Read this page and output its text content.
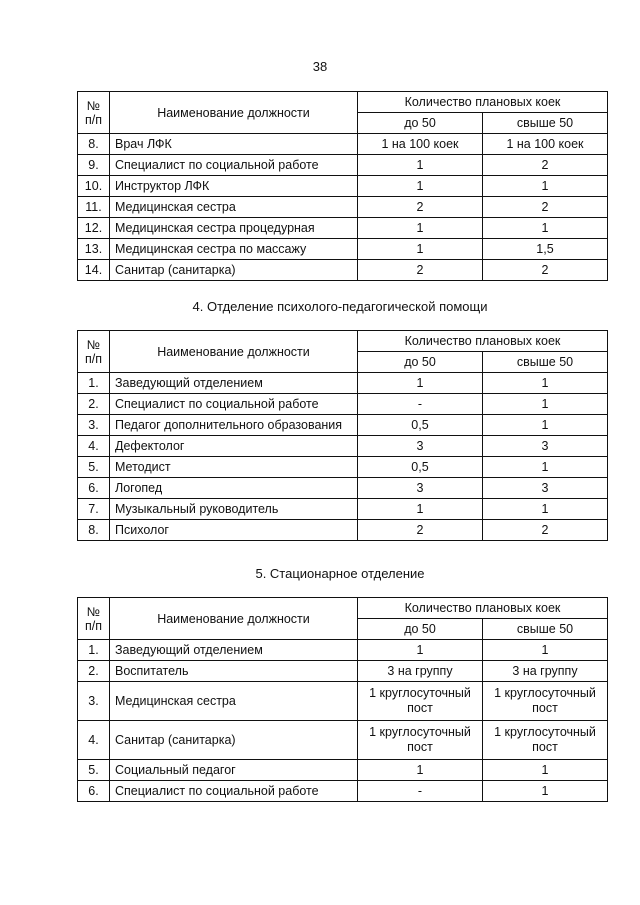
38
№ п/п	Наименование должности	Количество плановых коек	
		до 50	свыше 50
8.	Врач ЛФК	1 на 100 коек	1 на 100 коек
9.	Специалист по социальной работе	1	2
10.	Инструктор ЛФК	1	1
11.	Медицинская сестра	2	2
12.	Медицинская сестра процедурная	1	1
13.	Медицинская сестра по массажу	1	1,5
14.	Санитар (санитарка)	2	2
4. Отделение психолого-педагогической помощи
№ п/п	Наименование должности	Количество плановых коек	
		до 50	свыше 50
1.	Заведующий отделением	1	1
2.	Специалист по социальной работе	-	1
3.	Педагог дополнительного образования	0,5	1
4.	Дефектолог	3	3
5.	Методист	0,5	1
6.	Логопед	3	3
7.	Музыкальный руководитель	1	1
8.	Психолог	2	2
5. Стационарное отделение
№ п/п	Наименование должности	Количество плановых коек	
		до 50	свыше 50
1.	Заведующий отделением	1	1
2.	Воспитатель	3 на группу	3 на группу
3.	Медицинская сестра	1 круглосуточный пост	1 круглосуточный пост
4.	Санитар (санитарка)	1 круглосуточный пост	1 круглосуточный пост
5.	Социальный педагог	1	1
6.	Специалист по социальной работе	-	1
